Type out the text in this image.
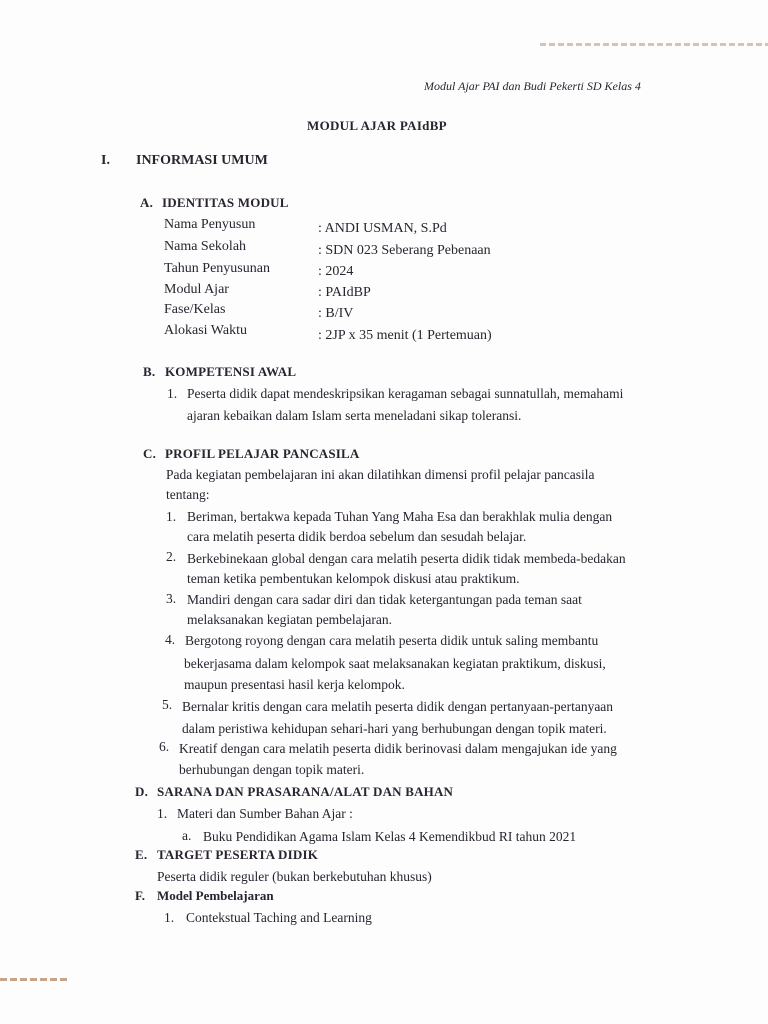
Modul Ajar PAI dan Budi Pekerti SD Kelas 4
MODUL AJAR PAIdBP
I. INFORMASI UMUM
A. IDENTITAS MODUL
Nama Penyusun	: ANDI USMAN, S.Pd
Nama Sekolah	: SDN 023 Seberang Pebenaan
Tahun Penyusunan	: 2024
Modul Ajar	: PAIdBP
Fase/Kelas	: B/IV
Alokasi Waktu	: 2JP x 35 menit (1 Pertemuan)
B. KOMPETENSI AWAL
1. Peserta didik dapat mendeskripsikan keragaman sebagai sunnatullah, memahami
ajaran kebaikan dalam Islam serta meneladani sikap toleransi.
C. PROFIL PELAJAR PANCASILA
Pada kegiatan pembelajaran ini akan dilatihkan dimensi profil pelajar pancasila
tentang:
1. Beriman, bertakwa kepada Tuhan Yang Maha Esa dan berakhlak mulia dengan
cara melatih peserta didik berdoa sebelum dan sesudah belajar.
2. Berkebinekaan global dengan cara melatih peserta didik tidak membeda-bedakan
teman ketika pembentukan kelompok diskusi atau praktikum.
3. Mandiri dengan cara sadar diri dan tidak ketergantungan pada teman saat
melaksanakan kegiatan pembelajaran.
4. Bergotong royong dengan cara melatih peserta didik untuk saling membantu
bekerjasama dalam kelompok saat melaksanakan kegiatan praktikum, diskusi,
maupun presentasi hasil kerja kelompok.
5. Bernalar kritis dengan cara melatih peserta didik dengan pertanyaan-pertanyaan
dalam peristiwa kehidupan sehari-hari yang berhubungan dengan topik materi.
6. Kreatif dengan cara melatih peserta didik berinovasi dalam mengajukan ide yang
berhubungan dengan topik materi.
D. SARANA DAN PRASARANA/ALAT DAN BAHAN
1. Materi dan Sumber Bahan Ajar :
a. Buku Pendidikan Agama Islam Kelas 4 Kemendikbud RI tahun 2021
E. TARGET PESERTA DIDIK
Peserta didik reguler (bukan berkebutuhan khusus)
F. Model Pembelajaran
1. Contekstual Taching and Learning
